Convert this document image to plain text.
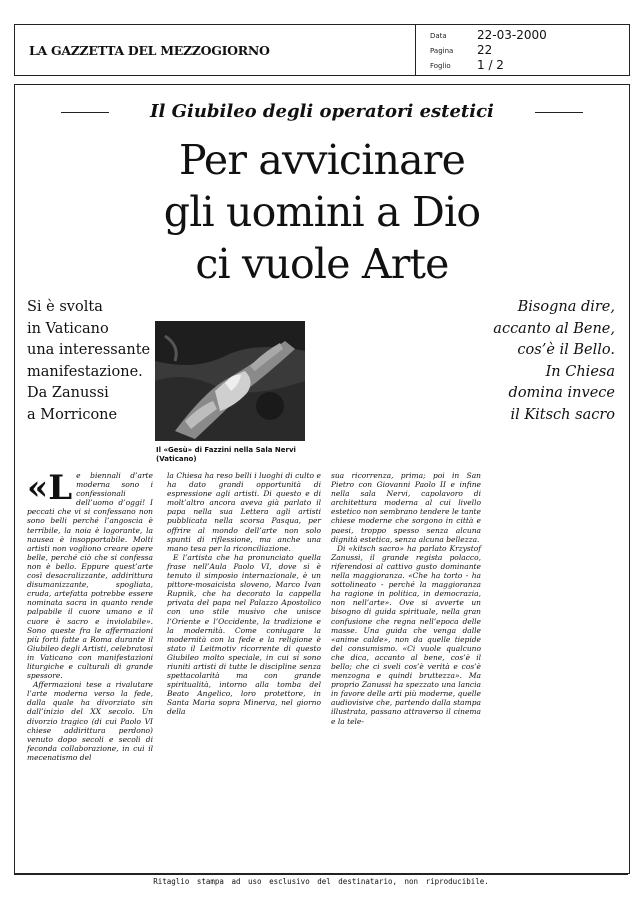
LA GAZZETTA DEL MEZZOGIORNO
Data	22-03-2000
Pagina 22
Foglio 1 / 2
Il Giubileo degli operatori estetici
Per avvicinare
gli uomini a Dio
ci vuole Arte
Si è svolta
in Vaticano
una interessante
manifestazione.
Da Zanussi
a Morricone
Bisogna dire,
accanto al Bene,
cos’è il Bello.
In Chiesa
domina invece
il Kitsch sacro
Il «Gesù» di Fazzini nella Sala Nervi (Vaticano)
«L e biennali d’arte moderna sono i confessionali dell’uomo d’oggi! I peccati che vi si confessano non sono belli perché l’angoscia è terribile, la noia è logorante, la nausea è insopportabile. Molti artisti non vogliono creare opere belle, perché ciò che si confessa non è bello. Eppure quest’arte così desacralizzante, addirittura disumanizzante, spogliata, cruda, artefatta potrebbe essere nominata sacra in quanto rende palpabile il cuore umano e il cuore è sacro e inviolabile». Sono queste fra le affermazioni più forti fatte a Roma durante il Giubileo degli Artisti, celebratosi in Vaticano con manifestazioni liturgiche e culturali di grande spessore.

Affermazioni tese a rivalutare l’arte moderna verso la fede, dalla quale ha divorziato sin dall’inizio del XX secolo. Un divorzio tragico (di cui Paolo VI chiese addirittura perdono) venuto dopo secoli e secoli di feconda collaborazione, in cui il mecenatismo del

la Chiesa ha reso belli i luoghi di culto e ha dato grandi opportunità di espressione agli artisti. Di questo e di molt’altro ancora aveva già parlato il papa nella sua Lettera agli artisti pubblicata nella scorsa Pasqua, per offrire al mondo dell’arte non solo spunti di riflessione, ma anche una mano tesa per la riconciliazione.

E l’artista che ha pronunciato quella frase nell’Aula Paolo VI, dove si è tenuto il simposio internazionale, è un pittore-mosaicista sloveno, Marco Ivan Rupnik, che ha decorato la cappella privata del papa nel Palazzo Apostolico con uno stile musivo che unisce l’Oriente e l’Occidente, la tradizione e la modernità. Come coniugare la modernità con la fede e la religione è stato il Leitmotiv ricorrente di questo Giubileo molto speciale, in cui si sono riuniti artisti di tutte le discipline senza spettacolarità ma con grande spiritualità, intorno alla tomba del Beato Angelico, loro protettore, in Santa Maria sopra Minerva, nel giorno della

sua ricorrenza, prima; poi in San Pietro con Giovanni Paolo II e infine nella sala Nervi, capolavoro di architettura moderna al cui livello estetico non sembrano tendere le tante chiese moderne che sorgono in città e paesi, troppo spesso senza alcuna dignità estetica, senza alcuna bellezza.

Di «kitsch sacro» ha parlato Krzystof Zanussi, il grande regista polacco, riferendosi al cattivo gusto dominante nella maggioranza. «Che ha torto - ha sottolineato - perché la maggioranza ha ragione in politica, in democrazia, non nell’arte». Ove si avverte un bisogno di guida spirituale, nella gran confusione che regna nell’epoca delle masse. Una guida che venga dalle «anime calde», non da quelle tiepide del consumismo. «Ci vuole qualcuno che dica, accanto al bene, cos’è il bello; che ci sveli cos’è verità e cos’è menzogna e quindi bruttezza». Ma proprio Zanussi ha spezzato una lancia in favore delle arti più moderne, quelle audiovisive che, partendo dalla stampa illustrata, passano attraverso il cinema e la tele-

Ritaglio stampa ad uso esclusivo del destinatario, non riproducibile.
